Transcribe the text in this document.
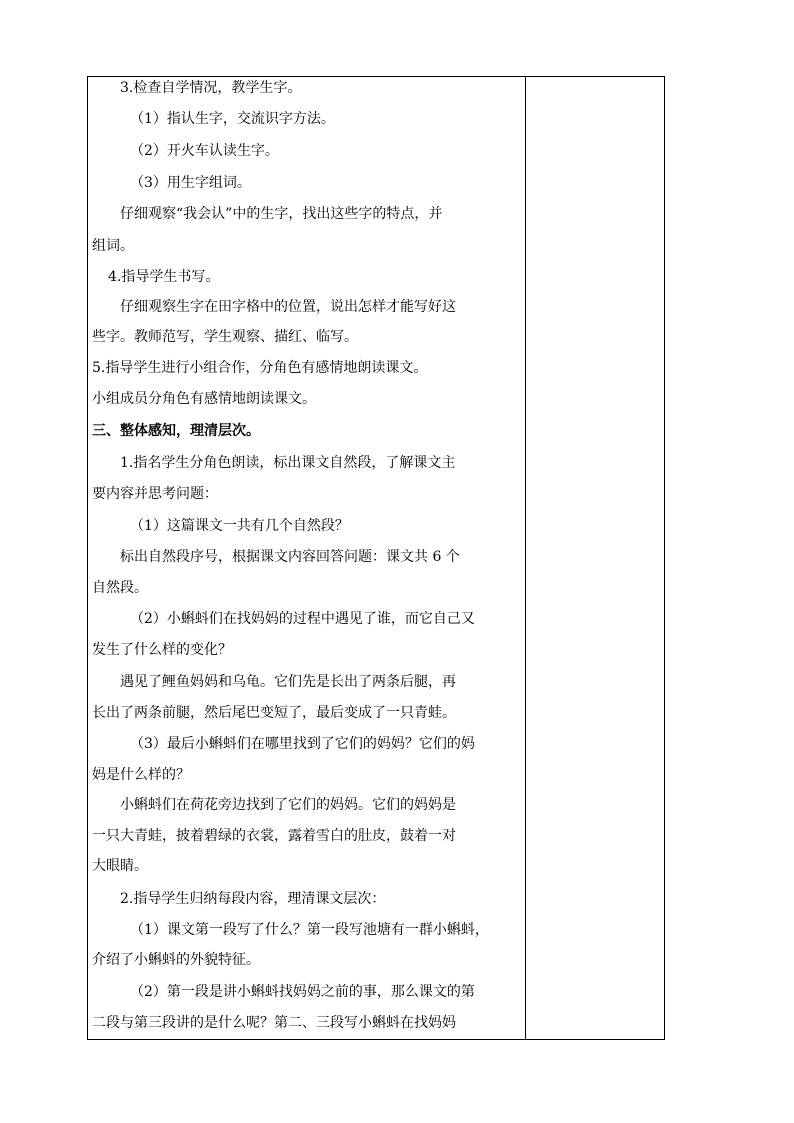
3.检查自学情况，教学生字。
（1）指认生字，交流识字方法。
（2）开火车认读生字。
（3）用生字组词。
仔细观察“我会认”中的生字，找出这些字的特点，并
组词。
4.指导学生书写。
仔细观察生字在田字格中的位置，说出怎样才能写好这
些字。教师范写，学生观察、描红、临写。
5.指导学生进行小组合作，分角色有感情地朗读课文。
小组成员分角色有感情地朗读课文。
三、整体感知，理清层次。
1.指名学生分角色朗读，标出课文自然段，了解课文主
要内容并思考问题：
（1）这篇课文一共有几个自然段？
标出自然段序号，根据课文内容回答问题：课文共 6 个
自然段。
（2）小蝌蚪们在找妈妈的过程中遇见了谁，而它自己又
发生了什么样的变化？
遇见了鲤鱼妈妈和乌龟。它们先是长出了两条后腿，再
长出了两条前腿，然后尾巴变短了，最后变成了一只青蛙。
（3）最后小蝌蚪们在哪里找到了它们的妈妈？它们的妈
妈是什么样的？
小蝌蚪们在荷花旁边找到了它们的妈妈。它们的妈妈是
一只大青蛙，披着碧绿的衣裳，露着雪白的肚皮，鼓着一对
大眼睛。
2.指导学生归纳每段内容，理清课文层次：
（1）课文第一段写了什么？第一段写池塘有一群小蝌蚪，
介绍了小蝌蚪的外貌特征。
（2）第一段是讲小蝌蚪找妈妈之前的事，那么课文的第
二段与第三段讲的是什么呢？第二、三段写小蝌蚪在找妈妈
